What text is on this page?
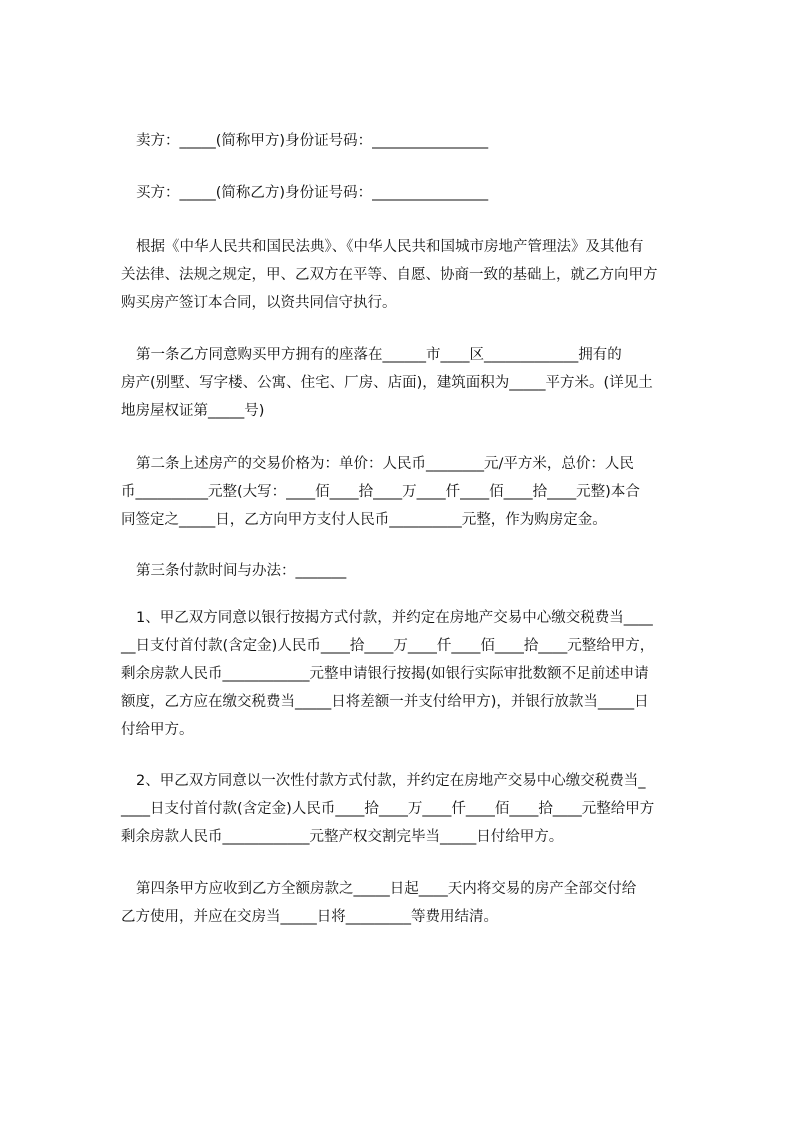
卖方：_____(简称甲方)身份证号码：________________

买方：_____(简称乙方)身份证号码：________________

根据《中华人民共和国民法典》、《中华人民共和国城市房地产管理法》及其他有
关法律、法规之规定，甲、乙双方在平等、自愿、协商一致的基础上，就乙方向甲方
购买房产签订本合同，以资共同信守执行。

第一条乙方同意购买甲方拥有的座落在______市____区_____________拥有的
房产(别墅、写字楼、公寓、住宅、厂房、店面)，建筑面积为_____平方米。(详见土
地房屋权证第_____号)

第二条上述房产的交易价格为：单价：人民币________元/平方米，总价：人民
币__________元整(大写：____佰____拾____万____仟____佰____拾____元整)本合
同签定之_____日，乙方向甲方支付人民币__________元整，作为购房定金。

第三条付款时间与办法：_______

1、甲乙双方同意以银行按揭方式付款，并约定在房地产交易中心缴交税费当____
__日支付首付款(含定金)人民币____拾____万____仟____佰____拾____元整给甲方，
剩余房款人民币____________元整申请银行按揭(如银行实际审批数额不足前述申请
额度，乙方应在缴交税费当_____日将差额一并支付给甲方)，并银行放款当_____日
付给甲方。

2、甲乙双方同意以一次性付款方式付款，并约定在房地产交易中心缴交税费当_
____日支付首付款(含定金)人民币____拾____万____仟____佰____拾____元整给甲方
剩余房款人民币____________元整产权交割完毕当_____日付给甲方。

第四条甲方应收到乙方全额房款之_____日起____天内将交易的房产全部交付给
乙方使用，并应在交房当_____日将_________等费用结清。
